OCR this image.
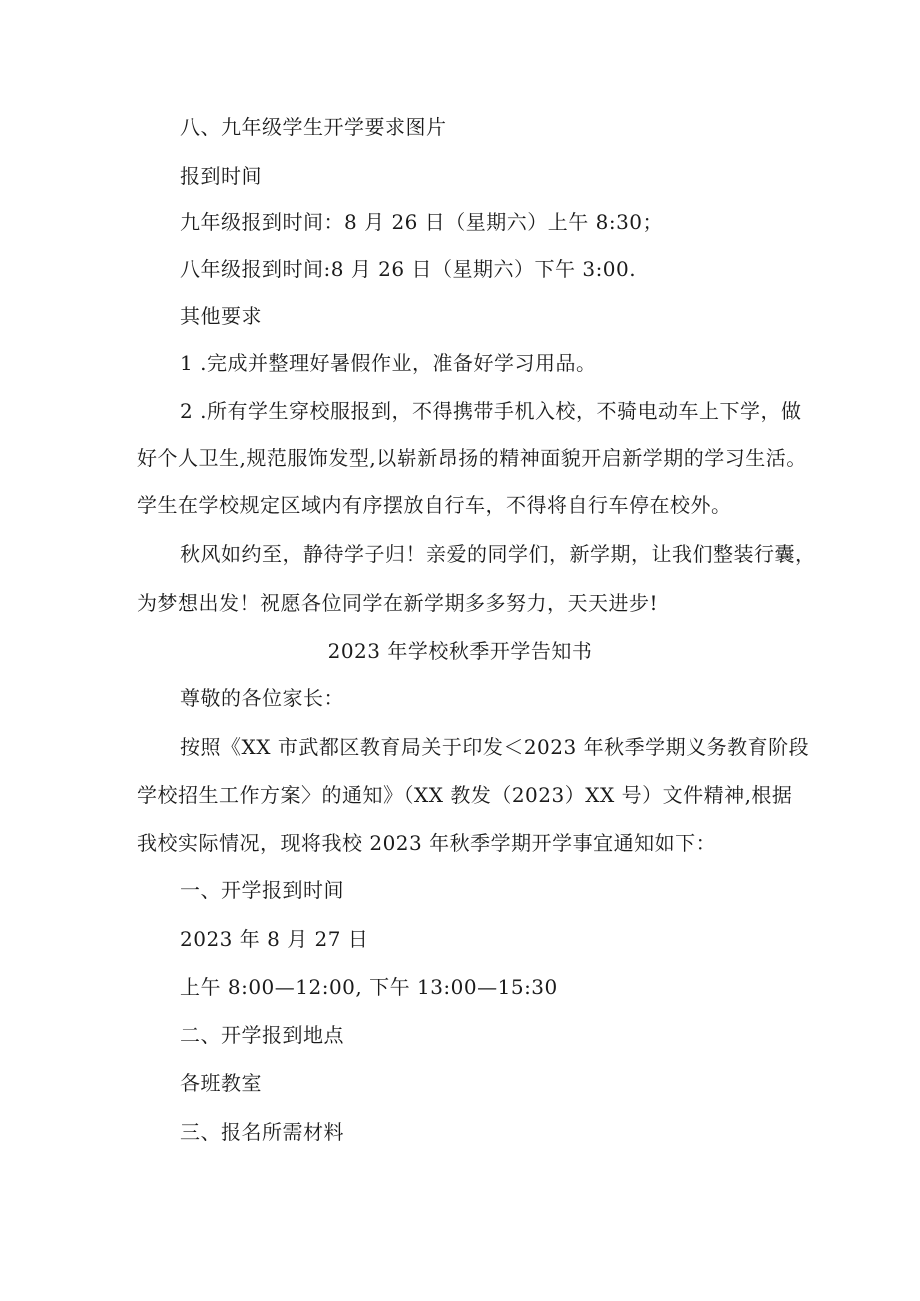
八、九年级学生开学要求图片
报到时间
九年级报到时间：8 月 26 日（星期六）上午 8:30；
八年级报到时间:8 月 26 日（星期六）下午 3:00.
其他要求
1 .完成并整理好暑假作业，准备好学习用品。
2 .所有学生穿校服报到，不得携带手机入校，不骑电动车上下学，做
好个人卫生,规范服饰发型,以崭新昂扬的精神面貌开启新学期的学习生活。
学生在学校规定区域内有序摆放自行车，不得将自行车停在校外。
秋风如约至，静待学子归！亲爱的同学们，新学期，让我们整装行囊，
为梦想出发！祝愿各位同学在新学期多多努力，天天进步!
2023 年学校秋季开学告知书
尊敬的各位家长：
按照《XX 市武都区教育局关于印发＜2023 年秋季学期义务教育阶段
学校招生工作方案〉的通知》（XX 教发（2023）XX 号）文件精神,根据
我校实际情况，现将我校 2023 年秋季学期开学事宜通知如下：
一、开学报到时间
2023 年 8 月 27 日
上午 8:00—12:00, 下午 13:00—15:30
二、开学报到地点
各班教室
三、报名所需材料
